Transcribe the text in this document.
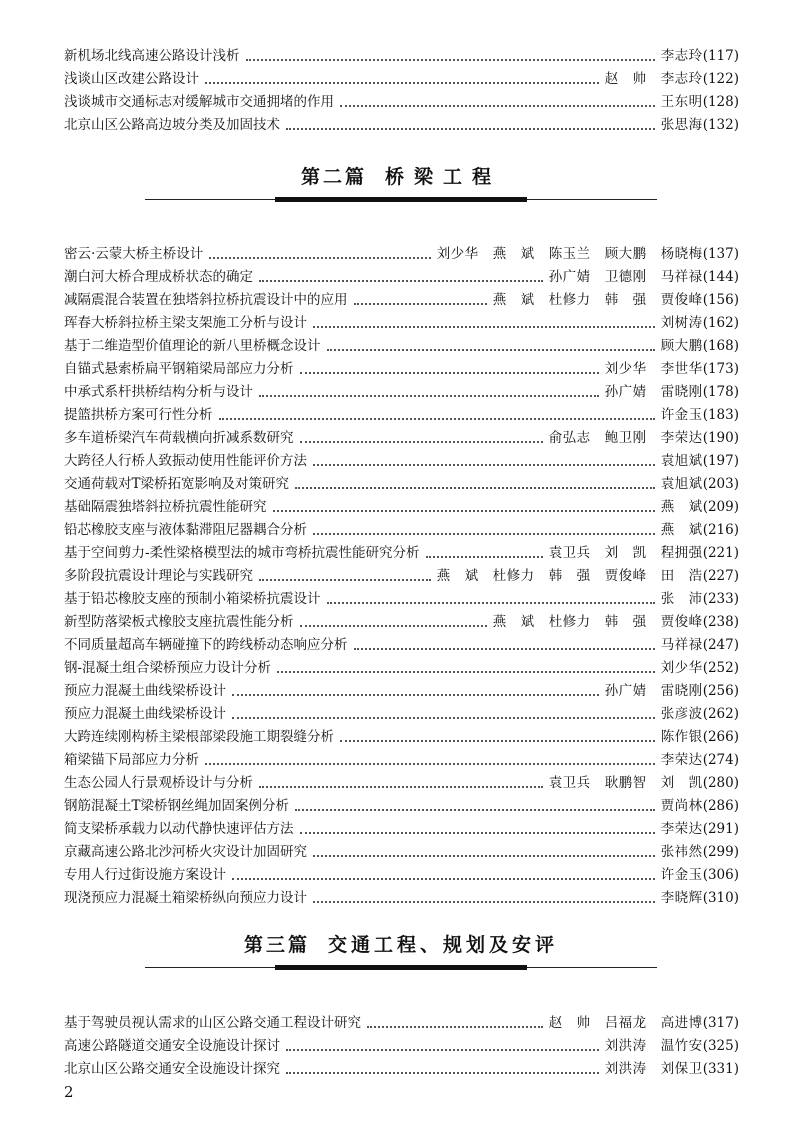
新机场北线高速公路设计浅析	李志玲 (117)
浅谈山区改建公路设计	赵　帅 李志玲 (122)
浅谈城市交通标志对缓解城市交通拥堵的作用	王东明 (128)
北京山区公路高边坡分类及加固技术	张思海 (132)
第二篇 桥梁工程
密云·云蒙大桥主桥设计	刘少华 燕　斌 陈玉兰 顾大鹏 杨晓梅 (137)
潮白河大桥合理成桥状态的确定	孙广婧 卫德刚 马祥禄 (144)
减隔震混合装置在独塔斜拉桥抗震设计中的应用	燕　斌 杜修力 韩　强 贾俊峰 (156)
珲春大桥斜拉桥主梁支架施工分析与设计	刘树涛 (162)
基于二维造型价值理论的新八里桥概念设计	顾大鹏 (168)
自锚式悬索桥扁平钢箱梁局部应力分析	刘少华 李世华 (173)
中承式系杆拱桥结构分析与设计	孙广婧 雷晓刚 (178)
提篮拱桥方案可行性分析	许金玉 (183)
多车道桥梁汽车荷载横向折减系数研究	俞弘志 鲍卫刚 李荣达 (190)
大跨径人行桥人致振动使用性能评价方法	袁旭斌 (197)
交通荷载对T梁桥拓宽影响及对策研究	袁旭斌 (203)
基础隔震独塔斜拉桥抗震性能研究	燕　斌 (209)
铅芯橡胶支座与液体黏滞阻尼器耦合分析	燕　斌 (216)
基于空间剪力-柔性梁格模型法的城市弯桥抗震性能研究分析	袁卫兵 刘　凯 程拥强 (221)
多阶段抗震设计理论与实践研究	燕　斌 杜修力 韩　强 贾俊峰 田　浩 (227)
基于铅芯橡胶支座的预制小箱梁桥抗震设计	张　沛 (233)
新型防落梁板式橡胶支座抗震性能分析	燕　斌 杜修力 韩　强 贾俊峰 (238)
不同质量超高车辆碰撞下的跨线桥动态响应分析	马祥禄 (247)
钢-混凝土组合梁桥预应力设计分析	刘少华 (252)
预应力混凝土曲线梁桥设计	孙广婧 雷晓刚 (256)
预应力混凝土曲线梁桥设计	张彦波 (262)
大跨连续刚构桥主梁根部梁段施工期裂缝分析	陈作银 (266)
箱梁锚下局部应力分析	李荣达 (274)
生态公园人行景观桥设计与分析	袁卫兵 耿鹏智 刘　凯 (280)
钢筋混凝土T梁桥钢丝绳加固案例分析	贾尚林 (286)
简支梁桥承载力以动代静快速评估方法	李荣达 (291)
京藏高速公路北沙河桥火灾设计加固研究	张祎然 (299)
专用人行过街设施方案设计	许金玉 (306)
现浇预应力混凝土箱梁桥纵向预应力设计	李晓辉 (310)
第三篇 交通工程、规划及安评
基于驾驶员视认需求的山区公路交通工程设计研究	赵　帅 吕福龙 高进博 (317)
高速公路隧道交通安全设施设计探讨	刘洪涛 温竹安 (325)
北京山区公路交通安全设施设计探究	刘洪涛 刘保卫 (331)
2
